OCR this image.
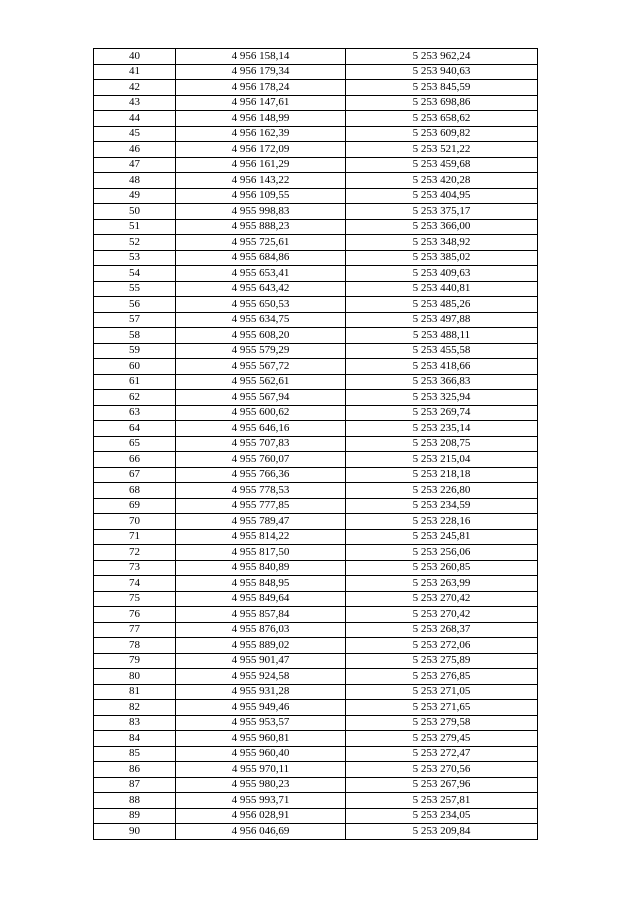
40	4 956 158,14	5 253 962,24
41	4 956 179,34	5 253 940,63
42	4 956 178,24	5 253 845,59
43	4 956 147,61	5 253 698,86
44	4 956 148,99	5 253 658,62
45	4 956 162,39	5 253 609,82
46	4 956 172,09	5 253 521,22
47	4 956 161,29	5 253 459,68
48	4 956 143,22	5 253 420,28
49	4 956 109,55	5 253 404,95
50	4 955 998,83	5 253 375,17
51	4 955 888,23	5 253 366,00
52	4 955 725,61	5 253 348,92
53	4 955 684,86	5 253 385,02
54	4 955 653,41	5 253 409,63
55	4 955 643,42	5 253 440,81
56	4 955 650,53	5 253 485,26
57	4 955 634,75	5 253 497,88
58	4 955 608,20	5 253 488,11
59	4 955 579,29	5 253 455,58
60	4 955 567,72	5 253 418,66
61	4 955 562,61	5 253 366,83
62	4 955 567,94	5 253 325,94
63	4 955 600,62	5 253 269,74
64	4 955 646,16	5 253 235,14
65	4 955 707,83	5 253 208,75
66	4 955 760,07	5 253 215,04
67	4 955 766,36	5 253 218,18
68	4 955 778,53	5 253 226,80
69	4 955 777,85	5 253 234,59
70	4 955 789,47	5 253 228,16
71	4 955 814,22	5 253 245,81
72	4 955 817,50	5 253 256,06
73	4 955 840,89	5 253 260,85
74	4 955 848,95	5 253 263,99
75	4 955 849,64	5 253 270,42
76	4 955 857,84	5 253 270,42
77	4 955 876,03	5 253 268,37
78	4 955 889,02	5 253 272,06
79	4 955 901,47	5 253 275,89
80	4 955 924,58	5 253 276,85
81	4 955 931,28	5 253 271,05
82	4 955 949,46	5 253 271,65
83	4 955 953,57	5 253 279,58
84	4 955 960,81	5 253 279,45
85	4 955 960,40	5 253 272,47
86	4 955 970,11	5 253 270,56
87	4 955 980,23	5 253 267,96
88	4 955 993,71	5 253 257,81
89	4 956 028,91	5 253 234,05
90	4 956 046,69	5 253 209,84
